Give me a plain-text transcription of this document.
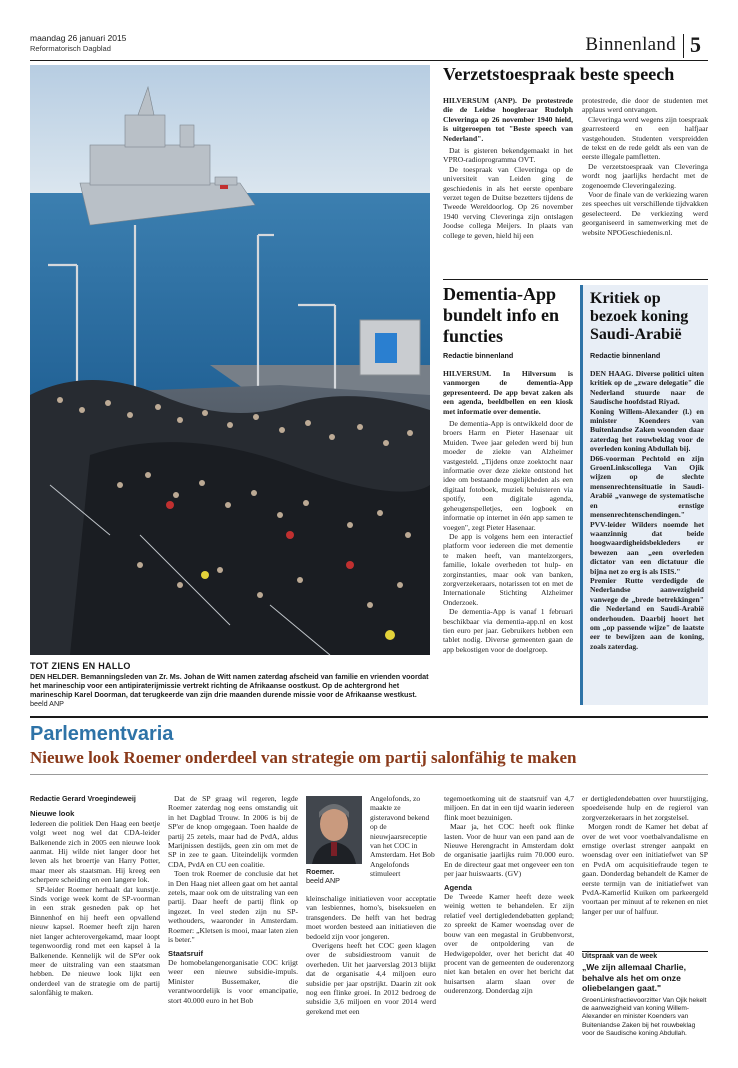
maandag 26 januari 2015
Reformatorisch Dagblad	Binnenland 5
TOT ZIENS EN HALLO
DEN HELDER. Bemanningsleden van Zr. Ms. Johan de Witt namen zaterdag afscheid van familie en vrienden voordat het marineschip voor een antipiraterijmissie vertrekt richting de Afrikaanse oostkust. Op de achtergrond het marineschip Karel Doorman, dat terugkeerde van zijn drie maanden durende missie voor de Afrikaanse westkust. beeld ANP
Verzetstoespraak beste speech

HILVERSUM (ANP). De protestrede die de Leidse hoogleraar Rudolph Cleveringa op 26 november 1940 hield, is uitgeroepen tot "Beste speech van Nederland".

Dat is gisteren bekendgemaakt in het VPRO-radioprogramma OVT.

De toespraak van Cleveringa op de universiteit van Leiden ging de geschiedenis in als het eerste openbare verzet tegen de Duitse bezetters tijdens de Tweede Wereldoorlog. Op 26 november 1940 verving Cleveringa zijn ontslagen Joodse collega Meijers. In plaats van college te geven, hield hij een

protestrede, die door de studenten met applaus werd ontvangen.

Cleveringa werd wegens zijn toespraak gearresteerd en een halfjaar vastgehouden. Studenten verspreidden de tekst en de rede geldt als een van de eerste illegale pamfletten.

De verzetstoespraak van Cleveringa wordt nog jaarlijks herdacht met de zogenoemde Cleveringalezing.

Voor de finale van de verkiezing waren zes speeches uit verschillende tijdvakken geselecteerd. De verkiezing werd georganiseerd in samenwerking met de website NPOGeschiedenis.nl.

Dementia-App bundelt info en functies
Redactie binnenland

HILVERSUM. In Hilversum is vanmorgen de dementia-App gepresenteerd. De app bevat zaken als een agenda, beeldbellen en een kiosk met informatie over dementie.

De dementia-App is ontwikkeld door de broers Harm en Pieter Hasenaar uit Muiden. Twee jaar geleden werd bij hun moeder de ziekte van Alzheimer vastgesteld. „Tijdens onze zoektocht naar informatie over deze ziekte ontstond het idee om bestaande mogelijkheden als een digitaal fotoboek, muziek beluisteren via spotify, een digitale agenda, geheugenspelletjes, een logboek en informatie op internet in één app samen te voegen", zegt Pieter Hasenaar.

De app is volgens hem een interactief platform voor iedereen die met dementie te maken heeft, van mantelzorgers, familie, lokale overheden tot hulp- en zorginstanties, maar ook van banken, zorgverzekeraars, notarissen tot en met de Internationale Stichting Alzheimer Onderzoek.

De dementia-App is vanaf 1 februari beschikbaar via dementia-app.nl en kost tien euro per jaar. Gebruikers hebben een tablet nodig. Diverse gemeenten gaan de app bekostigen voor de doelgroep.

Kritiek op bezoek koning Saudi-Arabië
Redactie binnenland

DEN HAAG. Diverse politici uiten kritiek op de „zware delegatie" die Nederland stuurde naar de Saudische hoofdstad Riyad.

Koning Willem-Alexander (l.) en minister Koenders van Buitenlandse Zaken woonden daar zaterdag het rouwbeklag voor de overleden koning Abdullah bij.

D66-voorman Pechtold en zijn GroenLinkscollega Van Ojik wijzen op de slechte mensenrechtensituatie in Saudi-Arabië „vanwege de systematische en ernstige mensenrechtenschendingen."

PVV-leider Wilders noemde het waanzinnig dat beide hoogwaardigheidsbekleders er bewezen aan „een overleden dictator van een dictatuur die bijna net zo erg is als ISIS."

Premier Rutte verdedigde de Nederlandse aanwezigheid vanwege de „brede betrekkingen" die Nederland en Saudi-Arabië onderhouden. Daarbij hoort het om „op passende wijze" de laatste eer te bewijzen aan de koning, zoals zaterdag.

Parlementvaria
Nieuwe look Roemer onderdeel van strategie om partij salonfähig te maken
Redactie Gerard Vroegindeweij
Nieuwe look

Iedereen die politiek Den Haag een beetje volgt weet nog wel dat CDA-leider Balkenende zich in 2005 een nieuwe look aanmat. Hij wilde niet langer door het leven als het broertje van Harry Potter, maar meer als staatsman. Hij kreeg een scherpere scheiding en een langere lok.

SP-leider Roemer herhaalt dat kunstje. Sinds vorige week komt de SP-voorman in een strak gesneden pak op het Binnenhof en hij heeft een opvallend nieuw kapsel. Roemer heeft zijn haren niet langer achterovergekamd, maar loopt tegenwoordig rond met een kapsel à la Balkenende. Kennelijk wil de SP'er ook meer de uitstraling van een staatsman hebben. De nieuwe look lijkt een onderdeel van de strategie om de partij salonfähig te maken.

Dat de SP graag wil regeren, legde Roemer zaterdag nog eens omstandig uit in het Dagblad Trouw. In 2006 is bij de SP'er de knop omgegaan. Toen haalde de partij 25 zetels, maar had de PvdA, aldus Marijnissen destijds, geen zin om met de SP in zee te gaan. Uiteindelijk vormden CDA, PvdA en CU een coalitie.

Toen trok Roemer de conclusie dat het in Den Haag niet alleen gaat om het aantal zetels, maar ook om de uitstraling van een partij. Daar heeft de partij flink op ingezet. In veel steden zijn nu SP-wethouders, waaronder in Amsterdam. Roemer: „Kletsen is mooi, maar laten zien is beter."

Staatsruif

De homobelangenorganisatie COC krijgt weer een nieuwe subsidie-impuls. Minister Bussemaker, die verantwoordelijk is voor emancipatie, stort 40.000 euro in het Bob

Roemer.
beeld ANP

Angelofonds, zo maakte ze gisteravond bekend op de nieuwjaarsreceptie van het COC in Amsterdam. Het Bob Angelofonds stimuleert

kleinschalige initiatieven voor acceptatie van lesbiennes, homo's, biseksuelen en transgenders. De helft van het bedrag moet worden besteed aan initiatieven die bedoeld zijn voor jongeren.

Overigens heeft het COC geen klagen over de subsidiestroom vanuit de overheden. Uit het jaarverslag 2013 blijkt dat de organisatie 4,4 miljoen euro subsidie per jaar opstrijkt. Daarin zit ook nog een flinke groei. In 2012 bedroeg de subsidie 3,6 miljoen en voor 2014 werd gerekend met een

tegemoetkoming uit de staatsruif van 4,7 miljoen. En dat in een tijd waarin iedereen flink moet bezuinigen.

Maar ja, het COC heeft ook flinke lasten. Voor de huur van een pand aan de Nieuwe Herengracht in Amsterdam dokt de organisatie jaarlijks ruim 70.000 euro. En de directeur gaat met ongeveer een ton per jaar huiswaarts. (GV)

Agenda

De Tweede Kamer heeft deze week weinig wetten te behandelen. Er zijn relatief veel dertigledendebatten gepland; zo spreekt de Kamer woensdag over de bouw van een megastal in Grubbenvorst, over de ontpoldering van de Hedwigepolder, over het bericht dat 40 procent van de gemeenten de ouderenzorg niet kan betalen en over het bericht dat huisartsen alarm slaan over de ouderenzorg. Donderdag zijn

er dertigledendebatten over huurstijging, spoedeisende hulp en de regierol van zorgverzekeraars in het zorgstelsel.

Morgen rondt de Kamer het debat af over de wet voor voetbalvandalisme en ernstige overlast strenger aanpakt en woensdag over een initiatiefwet van SP en PvdA om acquisitiefraude tegen te gaan. Donderdag behandelt de Kamer de eerste termijn van de initiatiefwet van PvdA-Kamerlid Kuiken om parkeergeld voortaan per minuut af te rekenen en niet langer per uur of halfuur.

Uitspraak van de week
„We zijn allemaal Charlie, behalve als het om onze oliebelangen gaat."
GroenLinksfractievoorzitter Van Ojik hekelt de aanwezigheid van koning Willem-Alexander en minister Koenders van Buitenlandse Zaken bij het rouwbeklag voor de Saudische koning Abdullah.
